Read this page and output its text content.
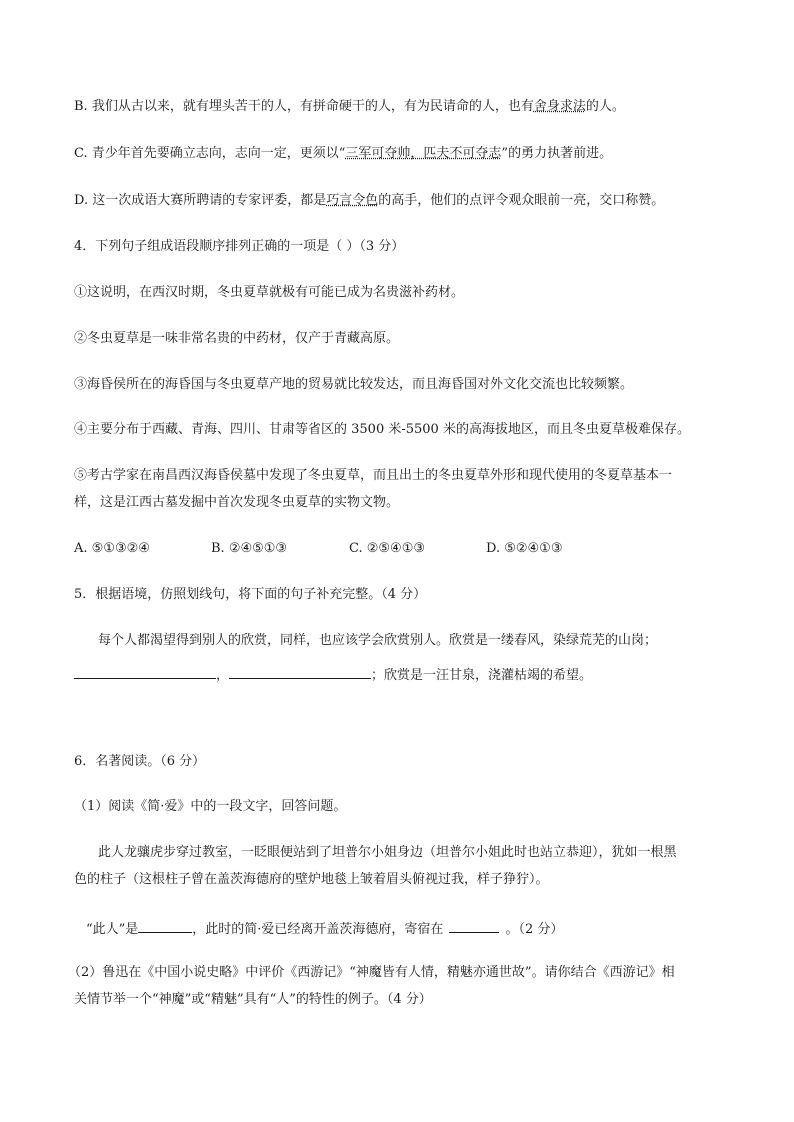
B. 我们从古以来，就有埋头苦干的人，有拼命硬干的人，有为民请命的人，也有舍身求法的人。
C. 青少年首先要确立志向，志向一定，更须以“三军可夺帅，匹夫不可夺志”的勇力执著前进。
D. 这一次成语大赛所聘请的专家评委，都是巧言令色的高手，他们的点评令观众眼前一亮，交口称赞。
4．下列句子组成语段顺序排列正确的一项是（ ）（3 分）
①这说明，在西汉时期，冬虫夏草就极有可能已成为名贵滋补药材。
②冬虫夏草是一味非常名贵的中药材，仅产于青藏高原。
③海昏侯所在的海昏国与冬虫夏草产地的贸易就比较发达，而且海昏国对外文化交流也比较频繁。
④主要分布于西藏、青海、四川、甘肃等省区的 3500 米-5500 米的高海拔地区，而且冬虫夏草极难保存。
⑤考古学家在南昌西汉海昏侯墓中发现了冬虫夏草，而且出土的冬虫夏草外形和现代使用的冬夏草基本一
样，这是江西古墓发掘中首次发现冬虫夏草的实物文物。
A. ⑤①③②④	B. ②④⑤①③	C. ②⑤④①③	D. ⑤②④①③
5．根据语境，仿照划线句，将下面的句子补充完整。（4 分）
每个人都渴望得到别人的欣赏，同样，也应该学会欣赏别人。欣赏是一缕春风，染绿荒芜的山岗；
，	；欣赏是一汪甘泉，浇灌枯竭的希望。
6．名著阅读。（6 分）
（1）阅读《简·爱》中的一段文字，回答问题。
此人龙骧虎步穿过教室，一眨眼便站到了坦普尔小姐身边（坦普尔小姐此时也站立恭迎），犹如一根黑
色的柱子（这根柱子曾在盖茨海德府的壁炉地毯上皱着眉头俯视过我，样子狰狞）。
“此人”是	，此时的简·爱已经离开盖茨海德府，寄宿在	。（2 分）
（2）鲁迅在《中国小说史略》中评价《西游记》“神魔皆有人情，精魅亦通世故”。请你结合《西游记》相
关情节举一个“神魔”或“精魅”具有“人”的特性的例子。（4 分）
